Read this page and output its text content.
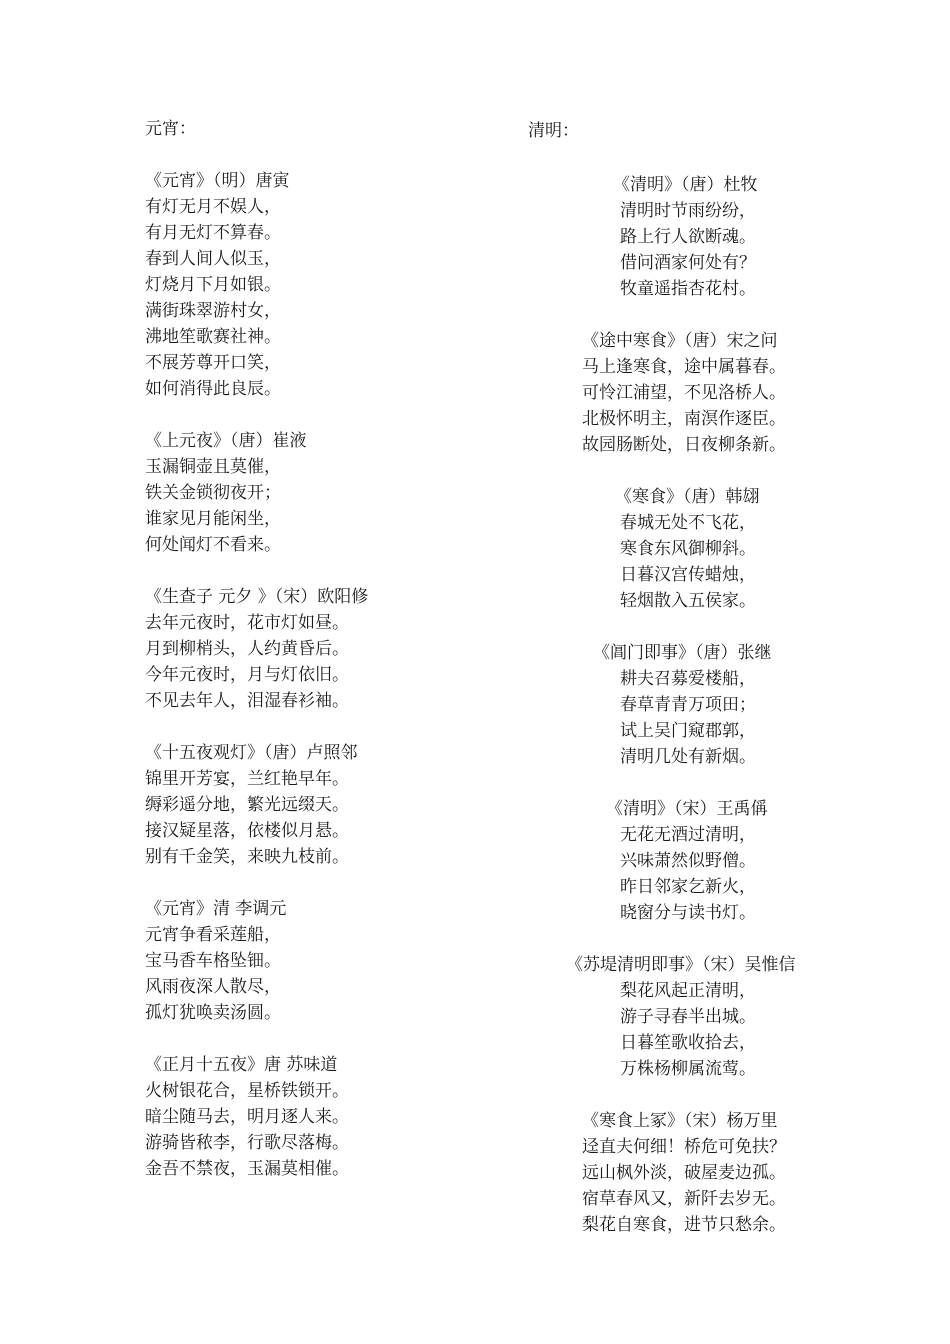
元宵：
《元宵》（明）唐寅
有灯无月不娱人，
有月无灯不算春。
春到人间人似玉，
灯烧月下月如银。
满街珠翠游村女，
沸地笙歌赛社神。
不展芳尊开口笑，
如何消得此良辰。
《上元夜》（唐）崔液
玉漏铜壶且莫催，
铁关金锁彻夜开；
谁家见月能闲坐，
何处闻灯不看来。
《生查子 元夕 》（宋）欧阳修
去年元夜时，花市灯如昼。
月到柳梢头，人约黄昏后。
今年元夜时，月与灯依旧。
不见去年人，泪湿春衫袖。
《十五夜观灯》（唐）卢照邻
锦里开芳宴，兰红艳早年。
缛彩遥分地，繁光远缀天。
接汉疑星落，依楼似月悬。
别有千金笑，来映九枝前。
《元宵》清 李调元
元宵争看采莲船，
宝马香车格坠钿。
风雨夜深人散尽，
孤灯犹唤卖汤圆。
《正月十五夜》唐 苏味道
火树银花合，星桥铁锁开。
暗尘随马去，明月逐人来。
游骑皆秾李，行歌尽落梅。
金吾不禁夜，玉漏莫相催。
清明：
《清明》（唐）杜牧
清明时节雨纷纷，
路上行人欲断魂。
借问酒家何处有？
牧童遥指杏花村。
《途中寒食》（唐）宋之问
马上逢寒食，途中属暮春。
可怜江浦望，不见洛桥人。
北极怀明主，南溟作逐臣。
故园肠断处，日夜柳条新。
《寒食》（唐）韩翃
春城无处不飞花，
寒食东风御柳斜。
日暮汉宫传蜡烛，
轻烟散入五侯家。
《阊门即事》（唐）张继
耕夫召募爱楼船，
春草青青万项田；
试上吴门窥郡郭，
清明几处有新烟。
《清明》（宋）王禹偁
无花无酒过清明，
兴味萧然似野僧。
昨日邻家乞新火，
晓窗分与读书灯。
《苏堤清明即事》（宋）吴惟信
梨花风起正清明，
游子寻春半出城。
日暮笙歌收拾去，
万株杨柳属流莺。
《寒食上冢》（宋）杨万里
迳直夫何细！桥危可免扶？
远山枫外淡，破屋麦边孤。
宿草春风又，新阡去岁无。
梨花自寒食，进节只愁余。
